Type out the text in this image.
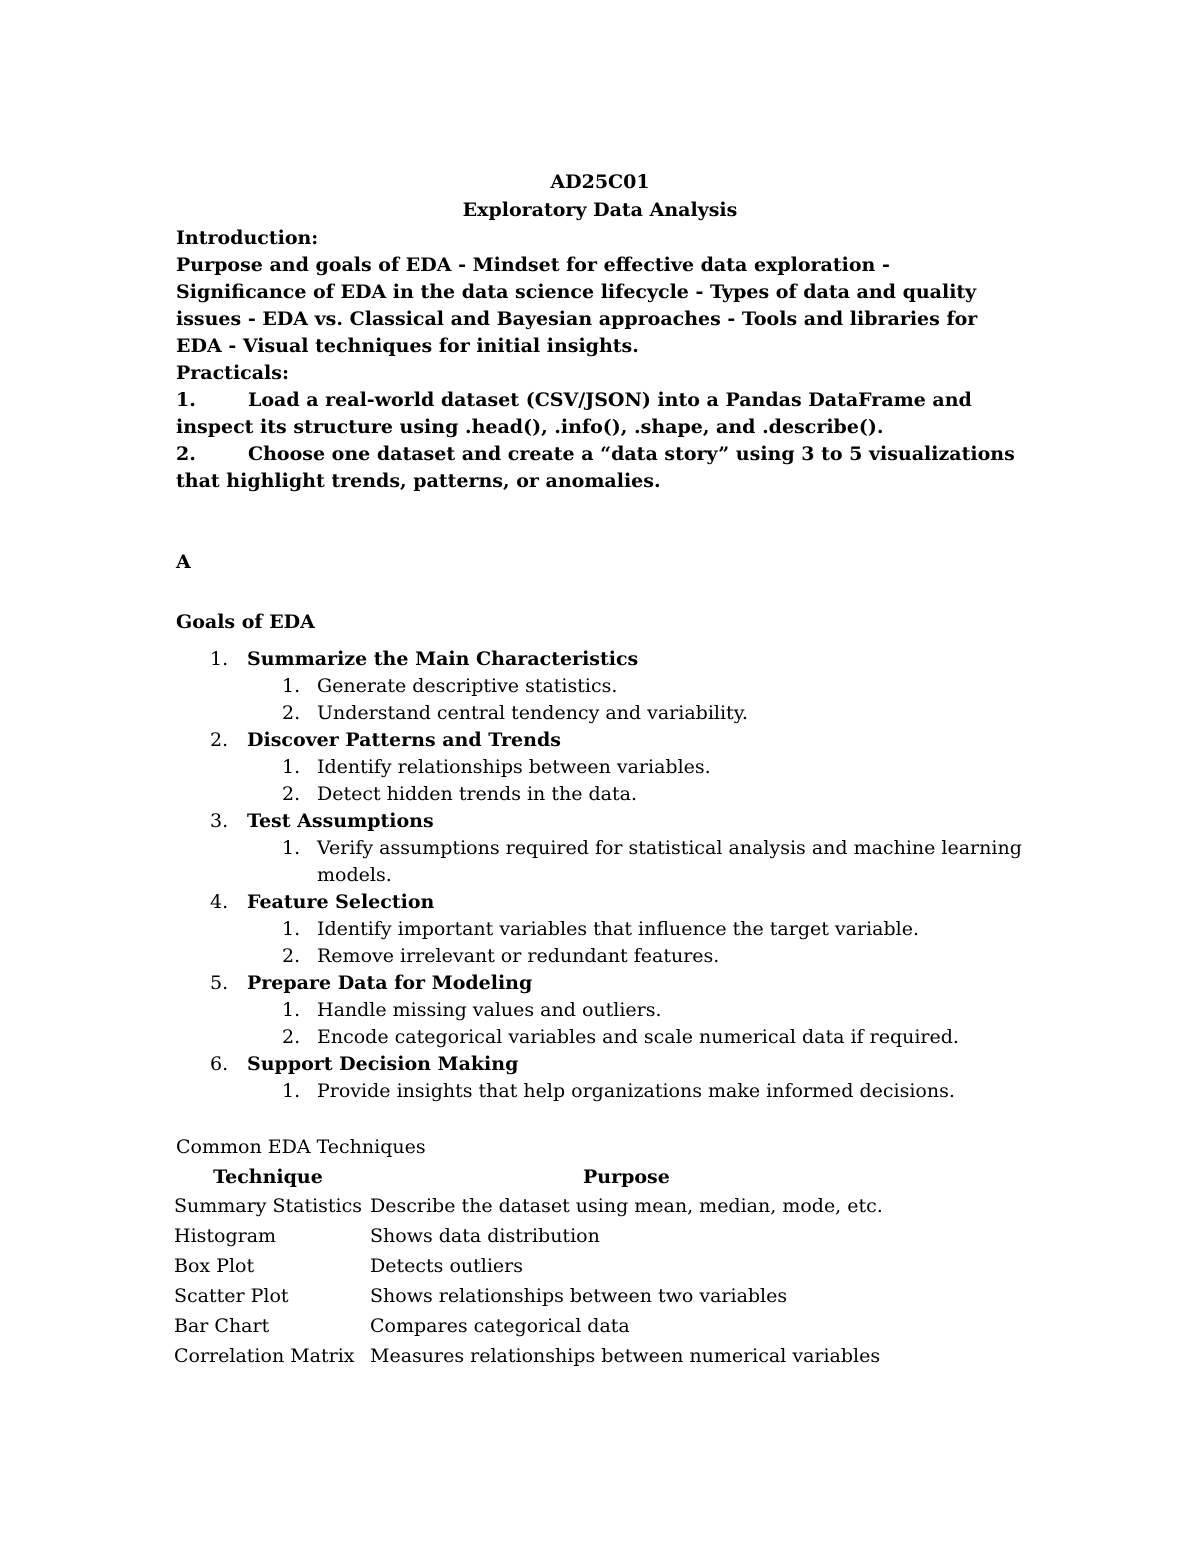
AD25C01
Exploratory Data Analysis

Introduction:

Purpose and goals of EDA - Mindset for effective data exploration - Significance of EDA in the data science lifecycle - Types of data and quality issues - EDA vs. Classical and Bayesian approaches - Tools and libraries for EDA - Visual techniques for initial insights.

Practicals:

1.	Load a real-world dataset (CSV/JSON) into a Pandas DataFrame and inspect its structure using .head(), .info(), .shape, and .describe().

2.	Choose one dataset and create a “data story” using 3 to 5 visualizations that highlight trends, patterns, or anomalies.

A
Goals of EDA
1. Summarize the Main Characteristics
1. Generate descriptive statistics.
2. Understand central tendency and variability.
2. Discover Patterns and Trends
1. Identify relationships between variables.
2. Detect hidden trends in the data.
3. Test Assumptions
1. Verify assumptions required for statistical analysis and machine learning models.
4. Feature Selection
1. Identify important variables that influence the target variable.
2. Remove irrelevant or redundant features.
5. Prepare Data for Modeling
1. Handle missing values and outliers.
2. Encode categorical variables and scale numerical data if required.
6. Support Decision Making
1. Provide insights that help organizations make informed decisions.
Common EDA Techniques
Technique	Purpose
Summary Statistics	Describe the dataset using mean, median, mode, etc.
Histogram	Shows data distribution
Box Plot	Detects outliers
Scatter Plot	Shows relationships between two variables
Bar Chart	Compares categorical data
Correlation Matrix	Measures relationships between numerical variables
